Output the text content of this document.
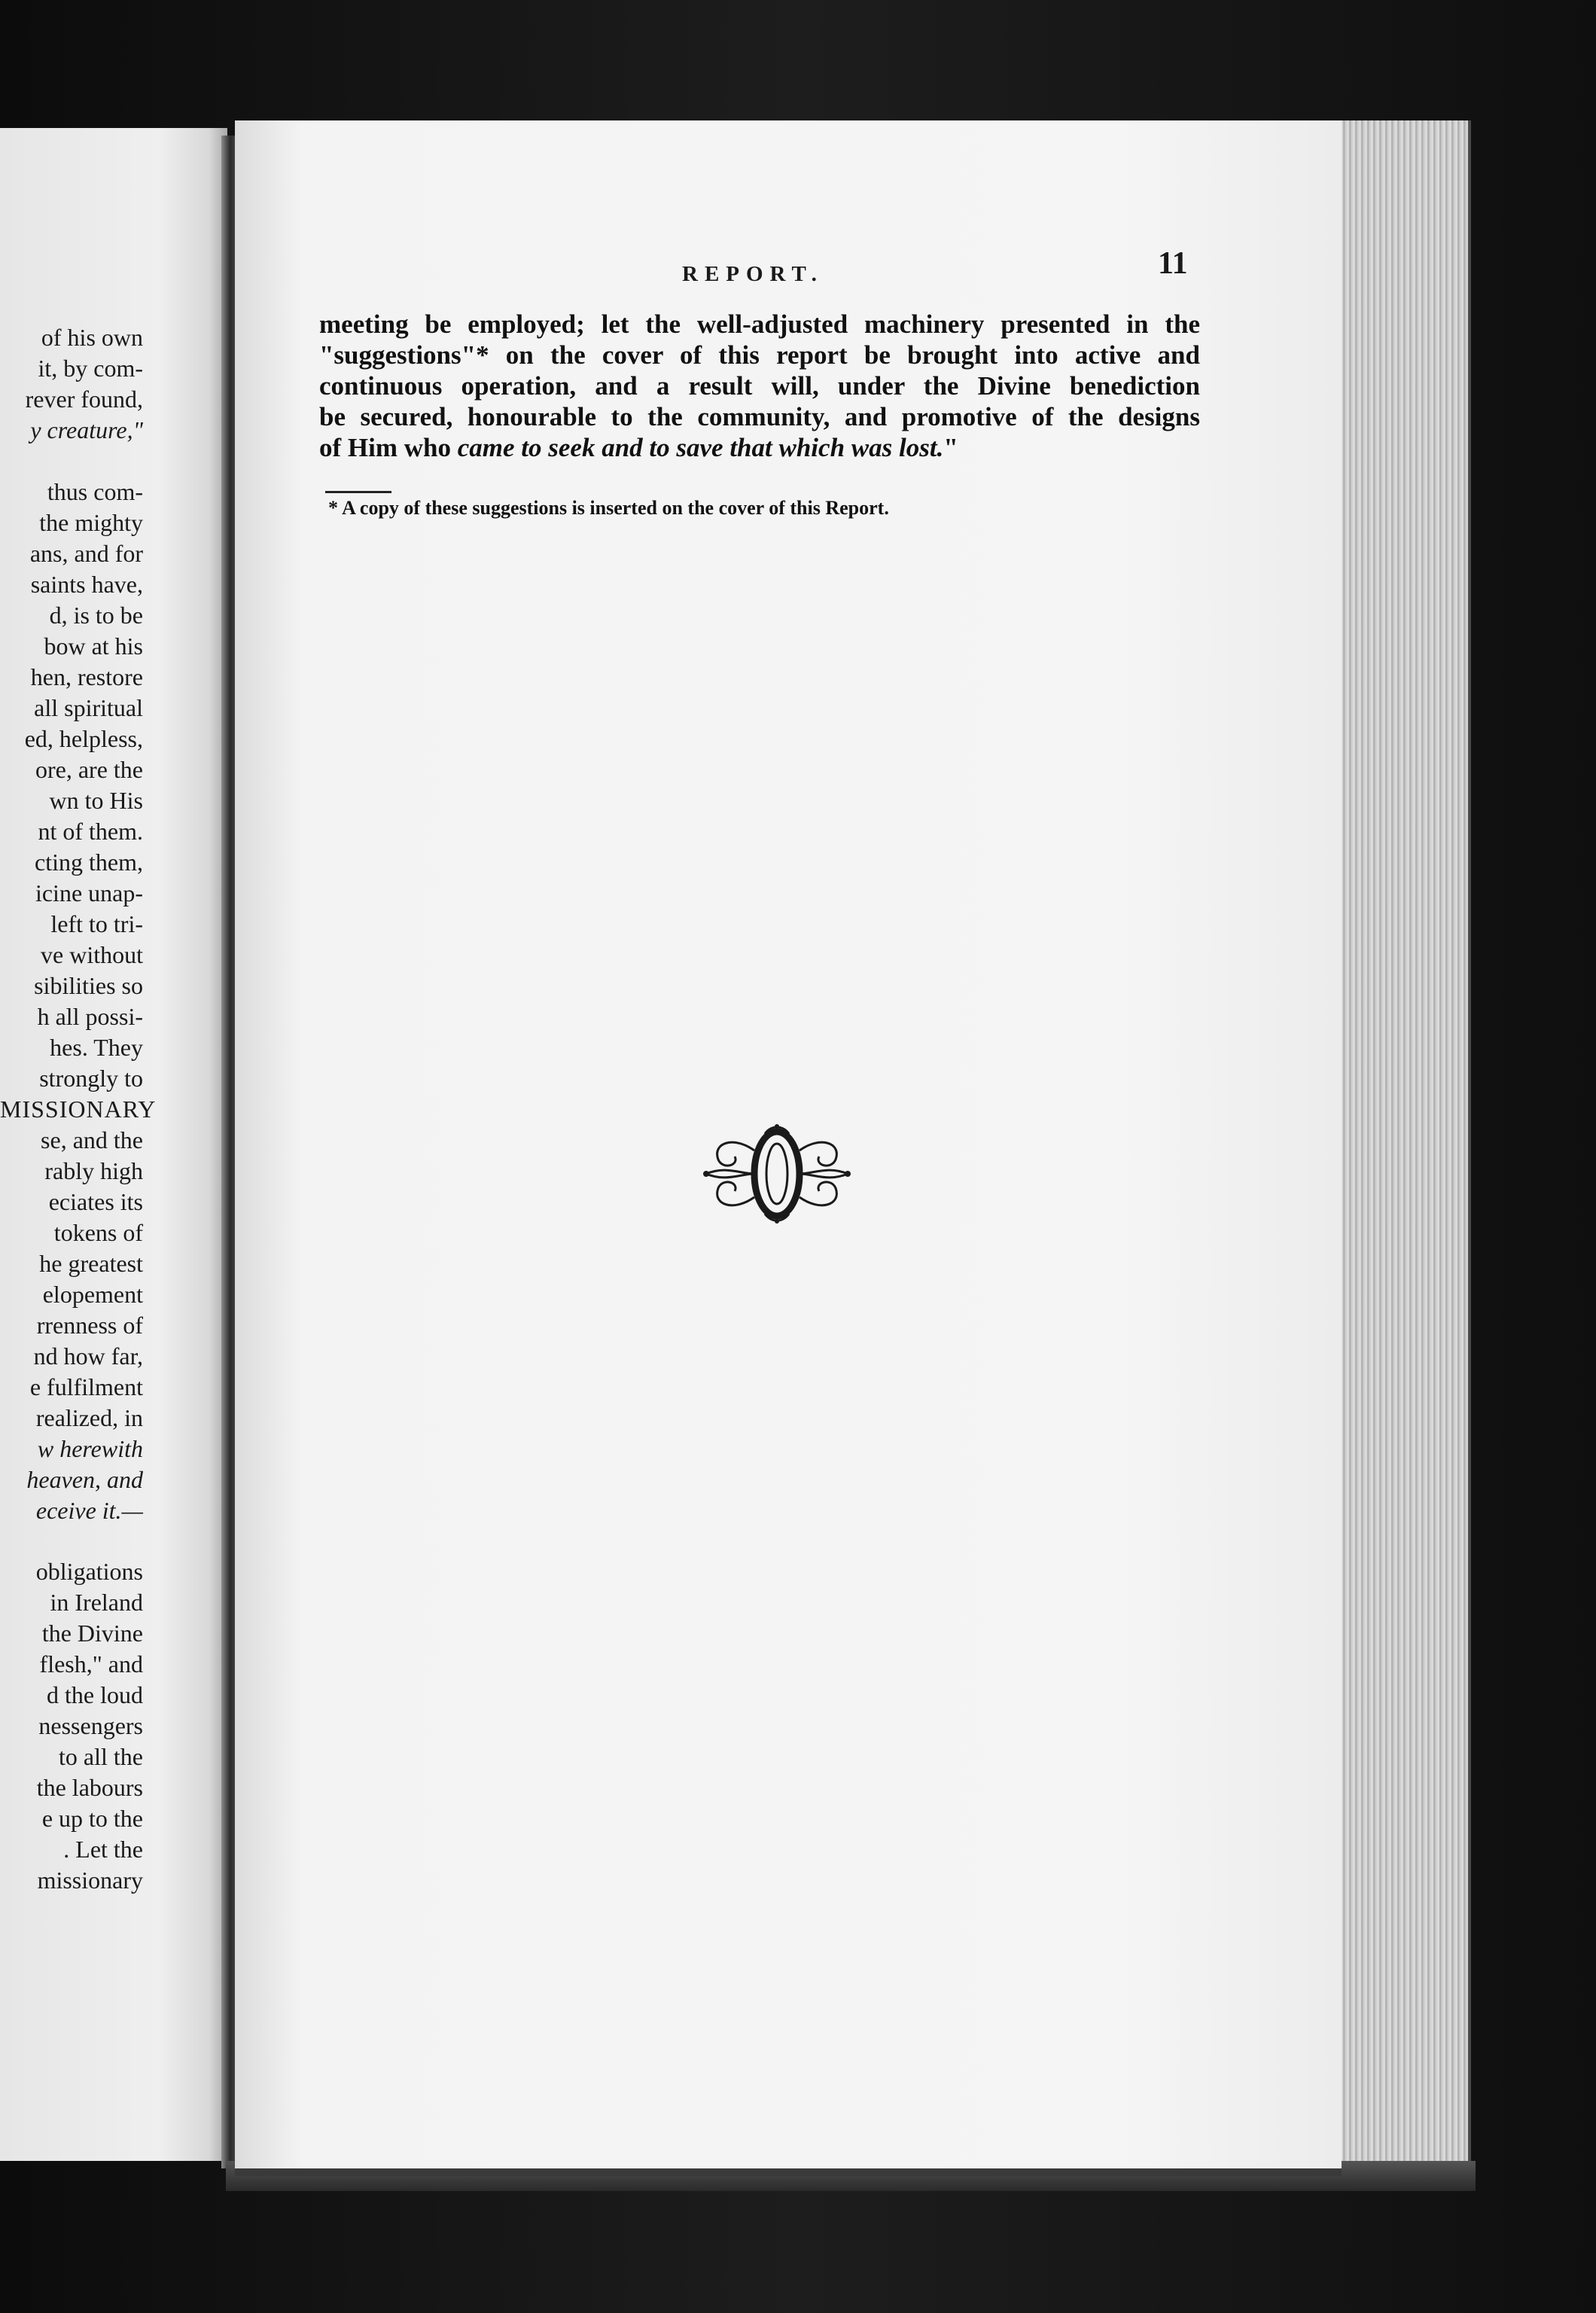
of his own
it, by com-
rever found,
y creature,"
thus com-
the mighty
ans, and for
saints have,
d, is to be
bow at his
hen, restore
all spiritual
ed, helpless,
ore, are the
wn to His
nt of them.
cting them,
icine unap-
left to tri-
ve without
sibilities so
h all possi-
hes. They
strongly to
MISSIONARY
se, and the
rably high
eciates its
tokens of
he greatest
elopement
rrenness of
nd how far,
e fulfilment
realized, in
w herewith
heaven, and
eceive it.—
obligations
in Ireland
the Divine
flesh," and
d the loud
nessengers
to all the
the labours
e up to the
. Let the
missionary
REPORT.	11
meeting be employed; let the well-adjusted machinery presented in the
"suggestions"* on the cover of this report be brought into active and
continuous operation, and a result will, under the Divine benediction
be secured, honourable to the community, and promotive of the designs
of Him who came to seek and to save that which was lost."
* A copy of these suggestions is inserted on the cover of this Report.
